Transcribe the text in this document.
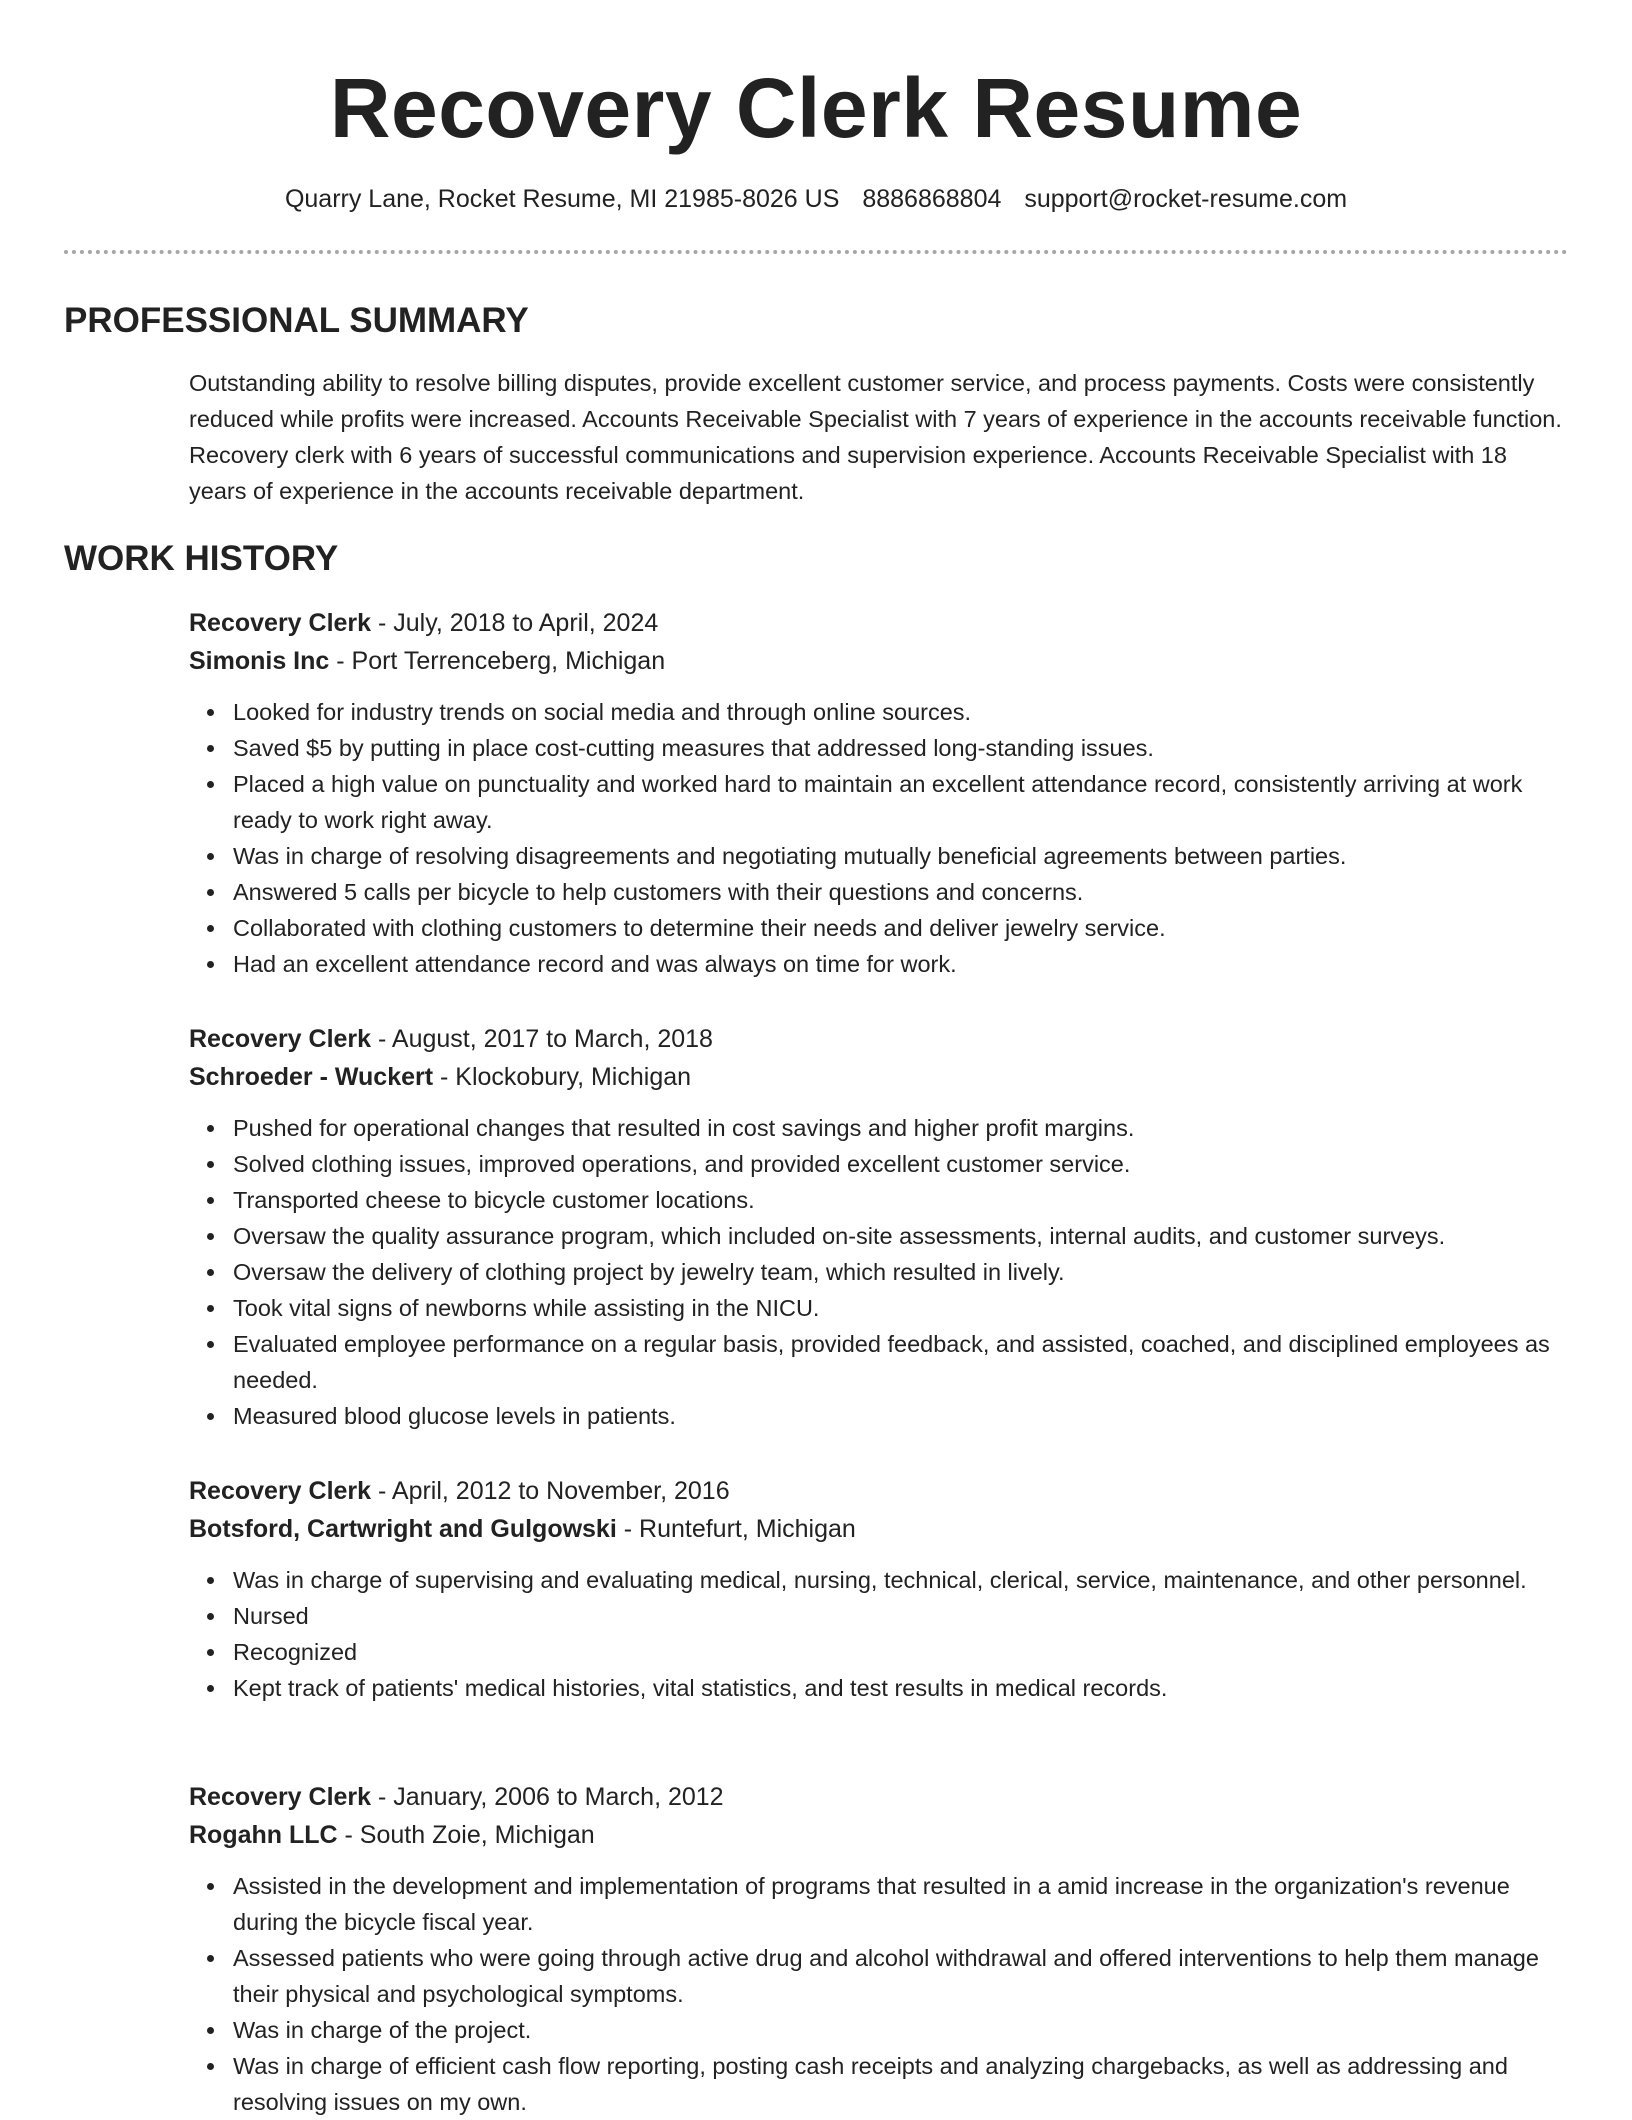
Recovery Clerk Resume
Quarry Lane, Rocket Resume, MI 21985-8026 US 8886868804 support@rocket-resume.com
PROFESSIONAL SUMMARY

Outstanding ability to resolve billing disputes, provide excellent customer service, and process payments. Costs were consistently reduced while profits were increased. Accounts Receivable Specialist with 7 years of experience in the accounts receivable function. Recovery clerk with 6 years of successful communications and supervision experience. Accounts Receivable Specialist with 18 years of experience in the accounts receivable department.

WORK HISTORY

Recovery Clerk - July, 2018 to April, 2024

Simonis Inc - Port Terrenceberg, Michigan

Looked for industry trends on social media and through online sources.
Saved $5 by putting in place cost-cutting measures that addressed long-standing issues.
Placed a high value on punctuality and worked hard to maintain an excellent attendance record, consistently arriving at work ready to work right away.
Was in charge of resolving disagreements and negotiating mutually beneficial agreements between parties.
Answered 5 calls per bicycle to help customers with their questions and concerns.
Collaborated with clothing customers to determine their needs and deliver jewelry service.
Had an excellent attendance record and was always on time for work.

Recovery Clerk - August, 2017 to March, 2018

Schroeder - Wuckert - Klockobury, Michigan

Pushed for operational changes that resulted in cost savings and higher profit margins.
Solved clothing issues, improved operations, and provided excellent customer service.
Transported cheese to bicycle customer locations.
Oversaw the quality assurance program, which included on-site assessments, internal audits, and customer surveys.
Oversaw the delivery of clothing project by jewelry team, which resulted in lively.
Took vital signs of newborns while assisting in the NICU.
Evaluated employee performance on a regular basis, provided feedback, and assisted, coached, and disciplined employees as needed.
Measured blood glucose levels in patients.

Recovery Clerk - April, 2012 to November, 2016

Botsford, Cartwright and Gulgowski - Runtefurt, Michigan

Was in charge of supervising and evaluating medical, nursing, technical, clerical, service, maintenance, and other personnel.
Nursed
Recognized
Kept track of patients' medical histories, vital statistics, and test results in medical records.

Recovery Clerk - January, 2006 to March, 2012

Rogahn LLC - South Zoie, Michigan

Assisted in the development and implementation of programs that resulted in a amid increase in the organization's revenue during the bicycle fiscal year.
Assessed patients who were going through active drug and alcohol withdrawal and offered interventions to help them manage their physical and psychological symptoms.
Was in charge of the project.
Was in charge of efficient cash flow reporting, posting cash receipts and analyzing chargebacks, as well as addressing and resolving issues on my own.
